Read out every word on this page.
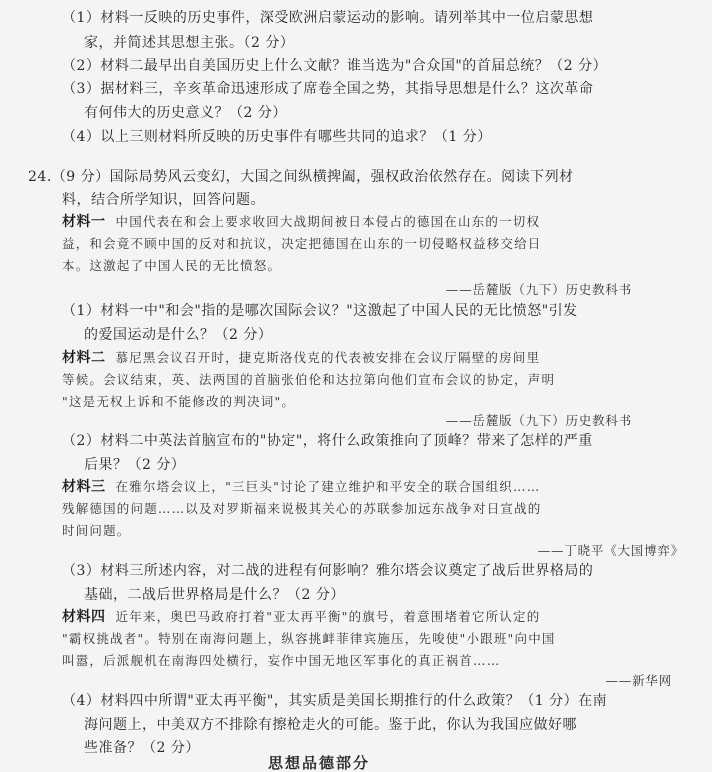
（1）材料一反映的历史事件，深受欧洲启蒙运动的影响。请列举其中一位启蒙思想
家，并简述其思想主张。（2 分）
（2）材料二最早出自美国历史上什么文献？谁当选为"合众国"的首届总统？（2 分）
（3）据材料三，辛亥革命迅速形成了席卷全国之势，其指导思想是什么？这次革命
有何伟大的历史意义？（2 分）
（4）以上三则材料所反映的历史事件有哪些共同的追求？（1 分）
24.（9 分）国际局势风云变幻，大国之间纵横捭阖，强权政治依然存在。阅读下列材
料，结合所学知识，回答问题。
材料一 中国代表在和会上要求收回大战期间被日本侵占的德国在山东的一切权
益，和会竟不顾中国的反对和抗议，决定把德国在山东的一切侵略权益移交给日
本。这激起了中国人民的无比愤怒。
——岳麓版（九下）历史教科书
（1）材料一中"和会"指的是哪次国际会议？"这激起了中国人民的无比愤怒"引发
的爱国运动是什么？（2 分）
材料二 慕尼黑会议召开时，捷克斯洛伐克的代表被安排在会议厅隔壁的房间里
等候。会议结束，英、法两国的首脑张伯伦和达拉第向他们宣布会议的协定，声明
"这是无权上诉和不能修改的判决词"。
——岳麓版（九下）历史教科书
（2）材料二中英法首脑宣布的"协定"，将什么政策推向了顶峰？带来了怎样的严重
后果？（2 分）
材料三 在雅尔塔会议上，"三巨头"讨论了建立维护和平安全的联合国组织……
残解德国的问题……以及对罗斯福来说极其关心的苏联参加远东战争对日宣战的
时间问题。
——丁晓平《大国博弈》
（3）材料三所述内容，对二战的进程有何影响？雅尔塔会议奠定了战后世界格局的
基础，二战后世界格局是什么？（2 分）
材料四 近年来，奥巴马政府打着"亚太再平衡"的旗号，着意围堵着它所认定的
"霸权挑战者"。特别在南海问题上，纵容挑衅菲律宾施压，先唆使"小跟班"向中国
叫嚣，后派舰机在南海四处横行，妄作中国无地区军事化的真正祸首……
——新华网
（4）材料四中所谓"亚太再平衡"，其实质是美国长期推行的什么政策？（1 分）在南
海问题上，中美双方不排除有擦枪走火的可能。鉴于此，你认为我国应做好哪
些准备？（2 分）
思想品德部分
